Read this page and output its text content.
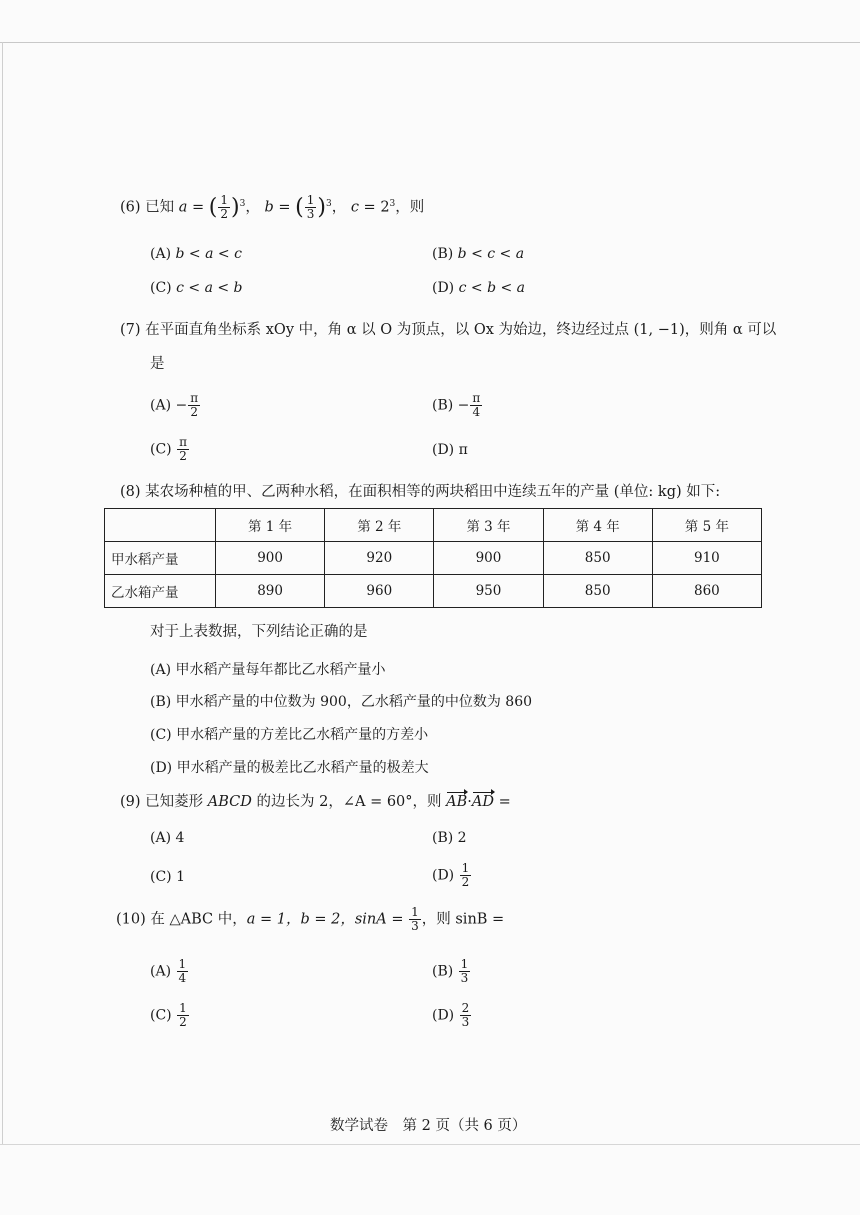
(6) 已知 a = ( $\frac{1}{2} )^3$， b = ( $\frac{1}{3} )^3$， $c = 2^3$，则
(A) b < a < c	(B) b < c < a
(C) c < a < b	(D) c < b < a
(7) 在平面直角坐标系 xOy 中，角 α 以 O 为顶点，以 Ox 为始边，终边经过点 (1, −1)，则角 α 可以
是
$(A) - \frac{\pi}{2}$	$(B) - \frac{\pi}{4}$
$(C) \frac{\pi}{2}$	(D) π
(8) 某农场种植的甲、乙两种水稻，在面积相等的两块稻田中连续五年的产量 (单位: kg) 如下:
	第 1 年	第 2 年	第 3 年	第 4 年	第 5 年
甲水稻产量	900	920	900	850	910
乙水箱产量	890	960	950	850	860
对于上表数据，下列结论正确的是
(A) 甲水稻产量每年都比乙水稻产量小
(B) 甲水稻产量的中位数为 900，乙水稻产量的中位数为 860
(C) 甲水稻产量的方差比乙水稻产量的方差小
(D) 甲水稻产量的极差比乙水稻产量的极差大
(9) 已知菱形 ABCD 的边长为 2，∠A = 60°，则 AB·AD =
(A) 4	(B) 2
(C) 1	$(D) \frac{1}{2}$
(10) 在 △ABC 中，a = 1，b = 2，$\sin A = \frac{1}{3}$ ，则 sinB =
$(A) \frac{1}{4}$	$(B) \frac{1}{3}$
$(C) \frac{1}{2}$	$(D) \frac{2}{3}$
数学试卷　第 2 页（共 6 页）
